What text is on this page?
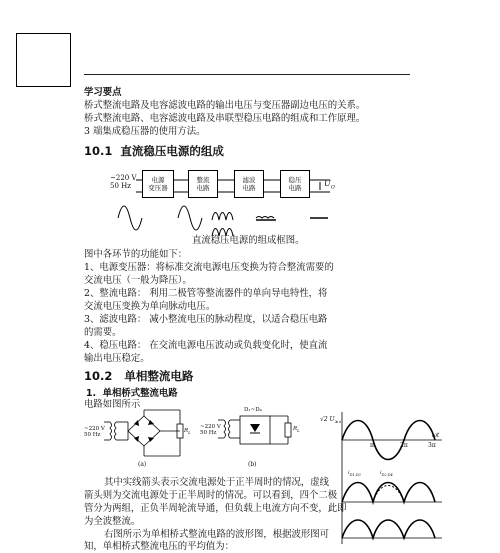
学习要点
桥式整流电路及电容滤波电路的输出电压与变压器副边电压的关系。
桥式整流电路、电容滤波电路及串联型稳压电路的组成和工作原理。
3 端集成稳压器的使用方法。
10.1 直流稳压电源的组成
~220 V
50 Hz
电源
变压器
整流
电路
滤波
电路
稳压
电路	$U_O$
直流稳压电源的组成框图。
图中各环节的功能如下：
1、电源变压器：将标准交流电源电压变换为符合整流需要的
交流电压（一般为降压）。
2、整流电路： 利用二极管等整流器件的单向导电特性，将
交流电压变换为单向脉动电压。
3、滤波电路： 减小整流电压的脉动程度，以适合稳压电路
的需要。
4、稳压电路： 在交流电源电压波动或负载变化时，使直流
输出电压稳定。
10.2 单相整流电路
1. 单相桥式整流电路
电路如图所示
~220 V
50 Hz
$R_L$
(a)
D₁~D₄
~220 V
50 Hz
$R_L$
(b)
√2 $U_2$
π	2π	3π
ωt
$i_{D1,D3}$	$i_{D2,D4}$
其中实线箭头表示交流电源处于正半周时的情况，虚线
箭头则为交流电源处于正半周时的情况。可以看到，四个二极
管分为两组，正负半周轮流导通，但负载上电流方向不变，此即
为全波整流。
右图所示为单相桥式整流电路的波形图，根据波形图可
知，单相桥式整流电压的平均值为：
